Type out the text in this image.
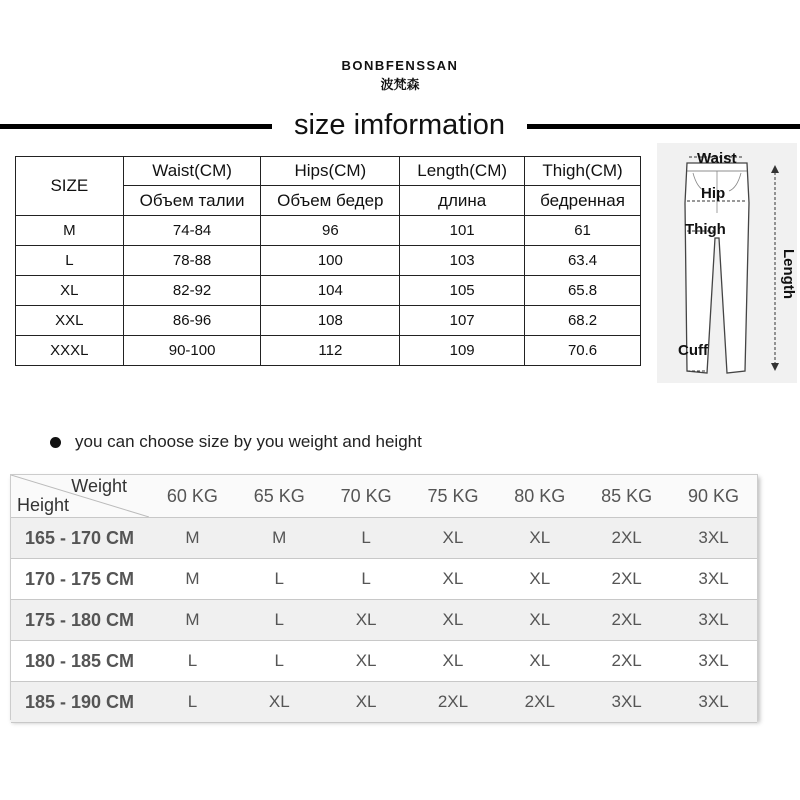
BONBFENSSAN
波梵森
size imformation
SIZE	Waist(CM)	Hips(CM)	Length(CM)	Thigh(CM)
	Объем талии	Объем бедер	длина	бедренная
M	74-84	96	101	61
L	78-88	100	103	63.4
XL	82-92	104	105	65.8
XXL	86-96	108	107	68.2
XXXL	90-100	112	109	70.6
Waist
Hip
Thigh
Cuff
Length
you can choose size by you weight and height
Weight
Height	60 KG	65 KG	70 KG	75 KG	80 KG	85 KG	90 KG
165 - 170 CM	M	M	L	XL	XL	2XL	3XL
170 - 175 CM	M	L	L	XL	XL	2XL	3XL
175 - 180 CM	M	L	XL	XL	XL	2XL	3XL
180 - 185 CM	L	L	XL	XL	XL	2XL	3XL
185 - 190 CM	L	XL	XL	2XL	2XL	3XL	3XL
